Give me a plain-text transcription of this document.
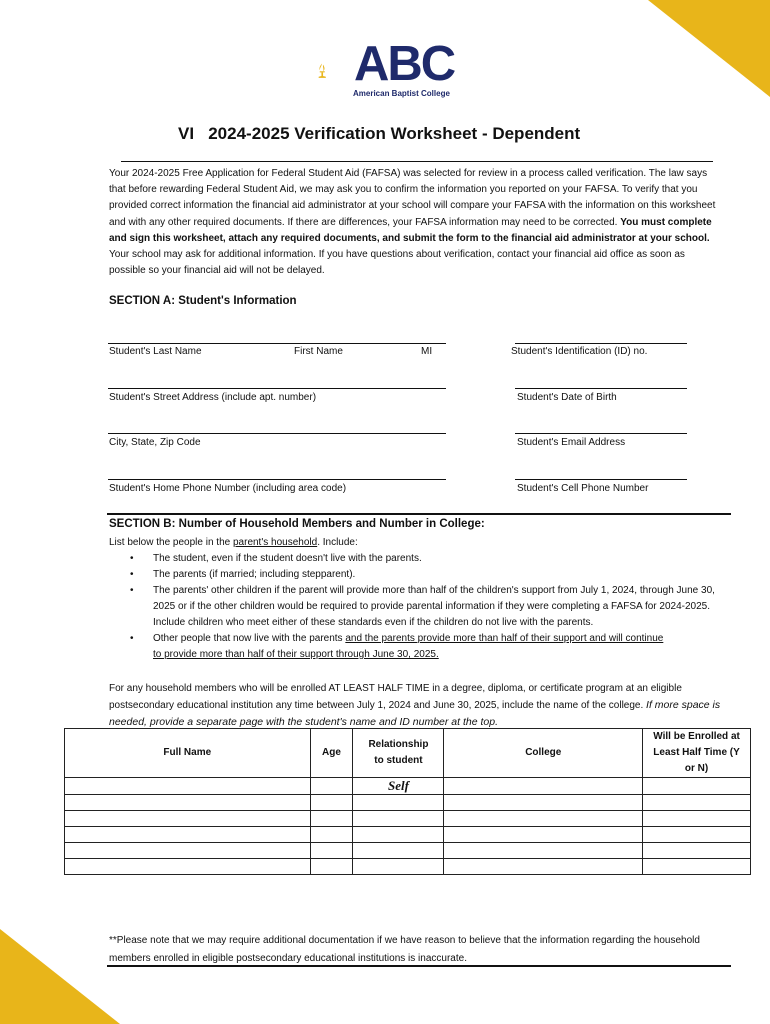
ABC
American Baptist College
VI   2024-2025 Verification Worksheet - Dependent
Your 2024-2025 Free Application for Federal Student Aid (FAFSA) was selected for review in a process called verification. The law says that before rewarding Federal Student Aid, we may ask you to confirm the information you reported on your FAFSA. To verify that you provided correct information the financial aid administrator at your school will compare your FAFSA with the information on this worksheet and with any other required documents. If there are differences, your FAFSA information may need to be corrected. You must complete and sign this worksheet, attach any required documents, and submit the form to the financial aid administrator at your school. Your school may ask for additional information. If you have questions about verification, contact your financial aid office as soon as possible so your financial aid will not be delayed.
SECTION A: Student's Information
Student's Last Name	First Name	MI	Student's Identification (ID) no.
Student's Street Address (include apt. number)	Student's Date of Birth
City, State, Zip Code	Student's Email Address
Student's Home Phone Number (including area code)	Student's Cell Phone Number
SECTION B: Number of Household Members and Number in College:
List below the people in the parent's household. Include:
• The student, even if the student doesn't live with the parents.
• The parents (if married; including stepparent).
• The parents' other children if the parent will provide more than half of the children's support from July 1, 2024, through June 30, 2025 or if the other children would be required to provide parental information if they were completing a FAFSA for 2024-2025. Include children who meet either of these standards even if the children do not live with the parents.
• Other people that now live with the parents and the parents provide more than half of their support and will continue
to provide more than half of their support through June 30, 2025.
For any household members who will be enrolled AT LEAST HALF TIME in a degree, diploma, or certificate program at an eligible postsecondary educational institution any time between July 1, 2024 and June 30, 2025, include the name of the college. If more space is needed, provide a separate page with the student's name and ID number at the top.
Full Name	Age	Relationship to student	College	Will be Enrolled at Least Half Time (Y or N)
		Self		

**Please note that we may require additional documentation if we have reason to believe that the information regarding the household members enrolled in eligible postsecondary educational institutions is inaccurate.
